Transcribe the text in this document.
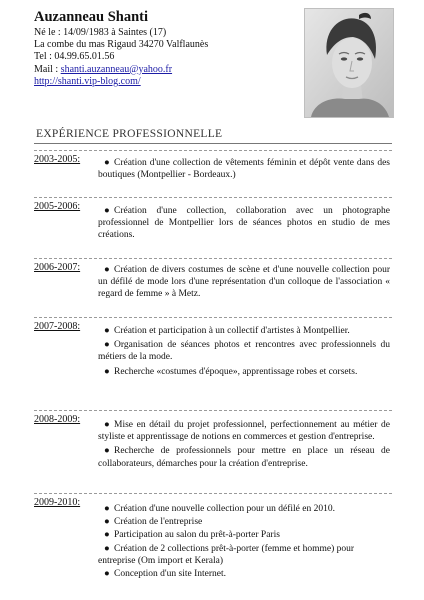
Auzanneau Shanti
Né le : 14/09/1983 à Saintes (17)
La combe du mas Rigaud 34270 Valflaunès
Tel : 04.99.65.01.56
Mail : shanti.auzanneau@yahoo.fr
http://shanti.vip-blog.com/
EXPÉRIENCE PROFESSIONNELLE
2003-2005:	● Création d'une collection de vêtements féminin et dépôt vente dans des boutiques (Montpellier - Bordeaux.)

2005-2006:	● Création d'une collection, collaboration avec un photographe professionnel de Montpellier lors de séances photos en studio de mes créations.

2006-2007:	● Création de divers costumes de scène et d'une nouvelle collection pour un défilé de mode lors d'une représentation d'un colloque de l'association « regard de femme » à Metz.

2007-2008:	● Création et participation à un collectif d'artistes à Montpellier.

● Organisation de séances photos et rencontres avec professionnels du métiers de la mode.

● Recherche «costumes d'époque», apprentissage robes et corsets.

2008-2009:	● Mise en détail du projet professionnel, perfectionnement au métier de styliste et apprentissage de notions en commerces et gestion d'entreprise.

● Recherche de professionnels pour mettre en place un réseau de collaborateurs, démarches pour la création d'entreprise.

2009-2010:

● Création d'une nouvelle collection pour un défilé en 2010.

● Création de l'entreprise

● Participation au salon du prêt-à-porter Paris

● Création de 2 collections prêt-à-porter (femme et homme) pour entreprise (Om import et Kerala)

● Conception d'un site Internet.
